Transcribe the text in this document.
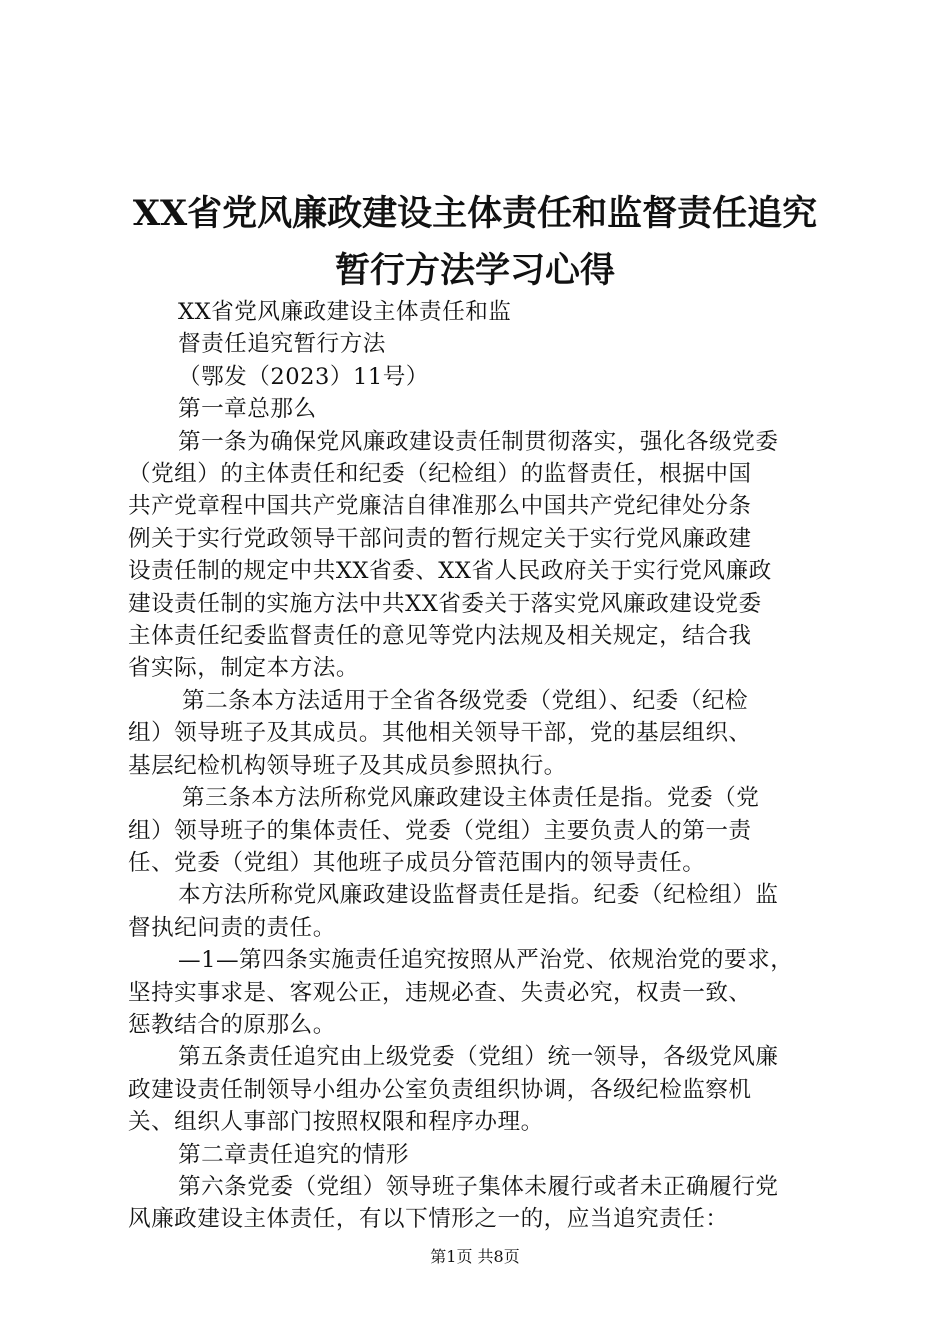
XX省党风廉政建设主体责任和监督责任追究
暂行方法学习心得

XX省党风廉政建设主体责任和监

督责任追究暂行方法

（鄂发（2023）11号）

第一章总那么

第一条为确保党风廉政建设责任制贯彻落实，强化各级党委

（党组）的主体责任和纪委（纪检组）的监督责任，根据中国

共产党章程中国共产党廉洁自律准那么中国共产党纪律处分条

例关于实行党政领导干部问责的暂行规定关于实行党风廉政建

设责任制的规定中共XX省委、XX省人民政府关于实行党风廉政

建设责任制的实施方法中共XX省委关于落实党风廉政建设党委

主体责任纪委监督责任的意见等党内法规及相关规定，结合我

省实际，制定本方法。

第二条本方法适用于全省各级党委（党组）、纪委（纪检

组）领导班子及其成员。其他相关领导干部，党的基层组织、

基层纪检机构领导班子及其成员参照执行。

第三条本方法所称党风廉政建设主体责任是指。党委（党

组）领导班子的集体责任、党委（党组）主要负责人的第一责

任、党委（党组）其他班子成员分管范围内的领导责任。

本方法所称党风廉政建设监督责任是指。纪委（纪检组）监

督执纪问责的责任。

—1—第四条实施责任追究按照从严治党、依规治党的要求，

坚持实事求是、客观公正，违规必查、失责必究，权责一致、

惩教结合的原那么。

第五条责任追究由上级党委（党组）统一领导，各级党风廉

政建设责任制领导小组办公室负责组织协调，各级纪检监察机

关、组织人事部门按照权限和程序办理。

第二章责任追究的情形

第六条党委（党组）领导班子集体未履行或者未正确履行党

风廉政建设主体责任，有以下情形之一的，应当追究责任：

第1页 共8页
